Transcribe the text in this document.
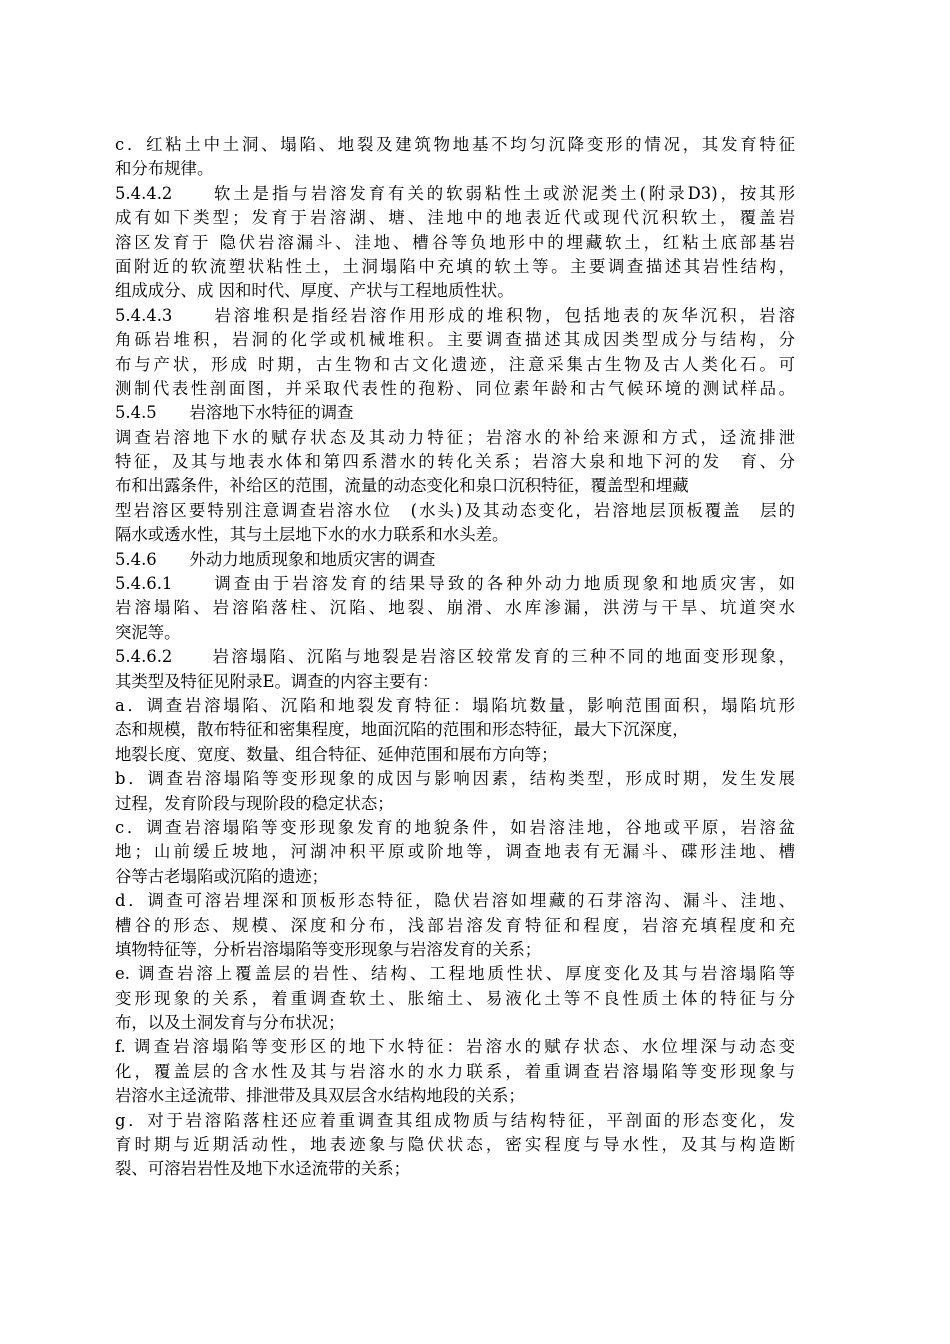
c．红粘土中土洞、塌陷、地裂及建筑物地基不均匀沉降变形的情况，其发育特征
和分布规律。
5.4.4.2　　软土是指与岩溶发育有关的软弱粘性土或淤泥类土(附录D3)，按其形
成有如下类型；发育于岩溶湖、塘、洼地中的地表近代或现代沉积软土，覆盖岩
溶区发育于 隐伏岩溶漏斗、洼地、槽谷等负地形中的埋藏软土，红粘土底部基岩
面附近的软流塑状粘性土，土洞塌陷中充填的软土等。主要调查描述其岩性结构，
组成成分、成 因和时代、厚度、产状与工程地质性状。
5.4.4.3　　岩溶堆积是指经岩溶作用形成的堆积物，包括地表的灰华沉积，岩溶
角砾岩堆积，岩洞的化学或机械堆积。主要调查描述其成因类型成分与结构，分
布与产状，形成 时期，古生物和古文化遗迹，注意采集古生物及古人类化石。可
测制代表性剖面图，并采取代表性的孢粉、同位素年龄和古气候环境的测试样品。
5.4.5　　岩溶地下水特征的调查
调查岩溶地下水的赋存状态及其动力特征；岩溶水的补给来源和方式，迳流排泄
特征，及其与地表水体和第四系潜水的转化关系；岩溶大泉和地下河的发　育、分
布和出露条件，补给区的范围，流量的动态变化和泉口沉积特征，覆盖型和埋藏
型岩溶区要特别注意调查岩溶水位　(水头)及其动态变化，岩溶地层顶板覆盖　层的
隔水或透水性，其与土层地下水的水力联系和水头差。
5.4.6　　外动力地质现象和地质灾害的调查
5.4.6.1　　调查由于岩溶发育的结果导致的各种外动力地质现象和地质灾害，如
岩溶塌陷、岩溶陷落柱、沉陷、地裂、崩滑、水库渗漏，洪涝与干旱、坑道突水
突泥等。
5.4.6.2　　岩溶塌陷、沉陷与地裂是岩溶区较常发育的三种不同的地面变形现象，
其类型及特征见附录E。调查的内容主要有：
a．调查岩溶塌陷、沉陷和地裂发育特征：塌陷坑数量，影响范围面积，塌陷坑形
态和规模，散布特征和密集程度，地面沉陷的范围和形态特征，最大下沉深度，
地裂长度、宽度、数量、组合特征、延伸范围和展布方向等；
b．调查岩溶塌陷等变形现象的成因与影响因素，结构类型，形成时期，发生发展
过程，发育阶段与现阶段的稳定状态；
c．调查岩溶塌陷等变形现象发育的地貌条件，如岩溶洼地，谷地或平原，岩溶盆
地；山前缓丘坡地，河湖冲积平原或阶地等，调查地表有无漏斗、碟形洼地、槽
谷等古老塌陷或沉陷的遗迹；
d．调查可溶岩埋深和顶板形态特征，隐伏岩溶如埋藏的石芽溶沟、漏斗、洼地、
槽谷的形态、规模、深度和分布，浅部岩溶发育特征和程度，岩溶充填程度和充
填物特征等，分析岩溶塌陷等变形现象与岩溶发育的关系；
e. 调查岩溶上覆盖层的岩性、结构、工程地质性状、厚度变化及其与岩溶塌陷等
变形现象的关系，着重调查软土、胀缩土、易液化土等不良性质土体的特征与分
布，以及土洞发育与分布状况；
f. 调查岩溶塌陷等变形区的地下水特征：岩溶水的赋存状态、水位埋深与动态变
化，覆盖层的含水性及其与岩溶水的水力联系，着重调查岩溶塌陷等变形现象与
岩溶水主迳流带、排泄带及具双层含水结构地段的关系；
g．对于岩溶陷落柱还应着重调查其组成物质与结构特征，平剖面的形态变化，发
育时期与近期活动性，地表迹象与隐伏状态，密实程度与导水性，及其与构造断
裂、可溶岩岩性及地下水迳流带的关系；
